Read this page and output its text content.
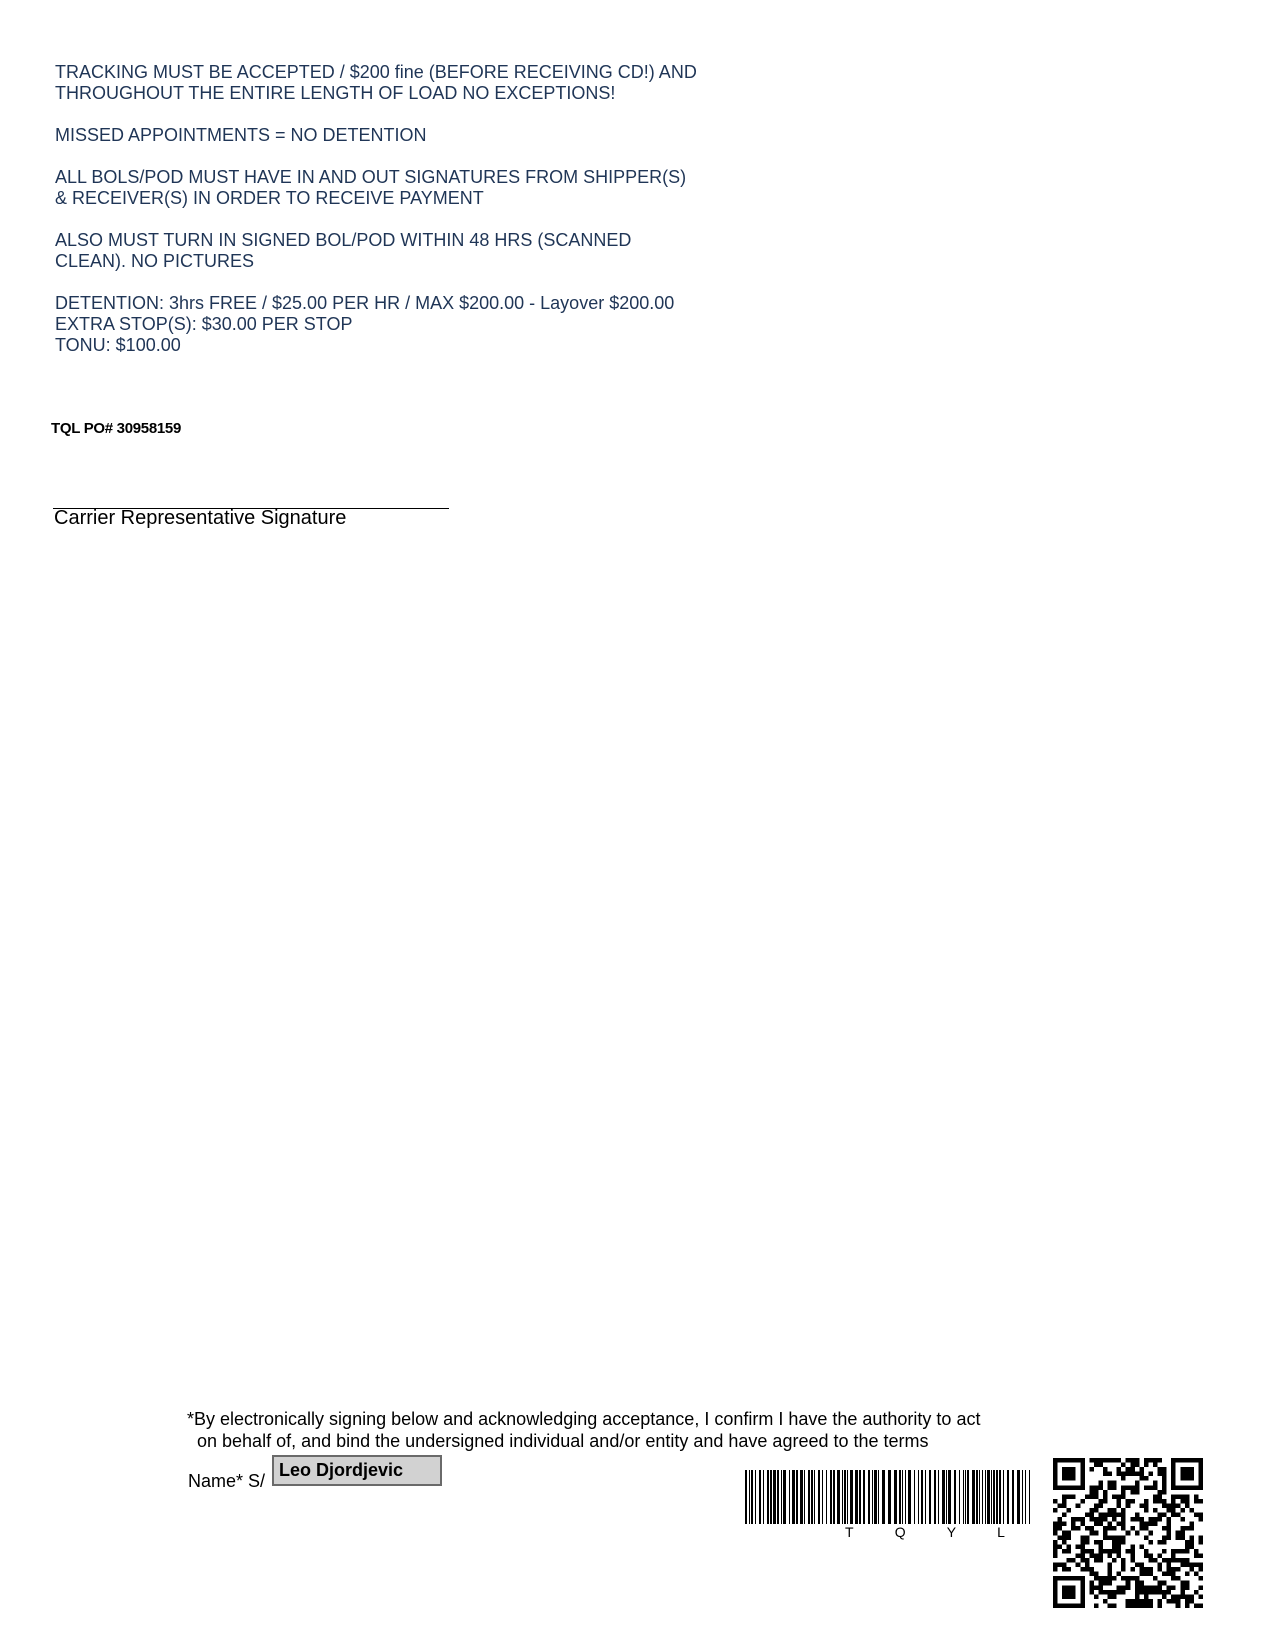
TRACKING MUST BE ACCEPTED / $200 fine (BEFORE RECEIVING CD!) AND
THROUGHOUT THE ENTIRE LENGTH OF LOAD NO EXCEPTIONS!

MISSED APPOINTMENTS = NO DETENTION

ALL BOLS/POD MUST HAVE IN AND OUT SIGNATURES FROM SHIPPER(S)
& RECEIVER(S) IN ORDER TO RECEIVE PAYMENT

ALSO MUST TURN IN SIGNED BOL/POD WITHIN 48 HRS (SCANNED
CLEAN). NO PICTURES

DETENTION: 3hrs FREE / $25.00 PER HR / MAX $200.00 - Layover $200.00
EXTRA STOP(S): $30.00 PER STOP
TONU: $100.00

TQL PO# 30958159
Carrier Representative Signature
*By electronically signing below and acknowledging acceptance, I confirm I have the authority to act
on behalf of, and bind the undersigned individual and/or entity and have agreed to the terms
Name* S/
Leo Djordjevic
T	Q	Y	L
